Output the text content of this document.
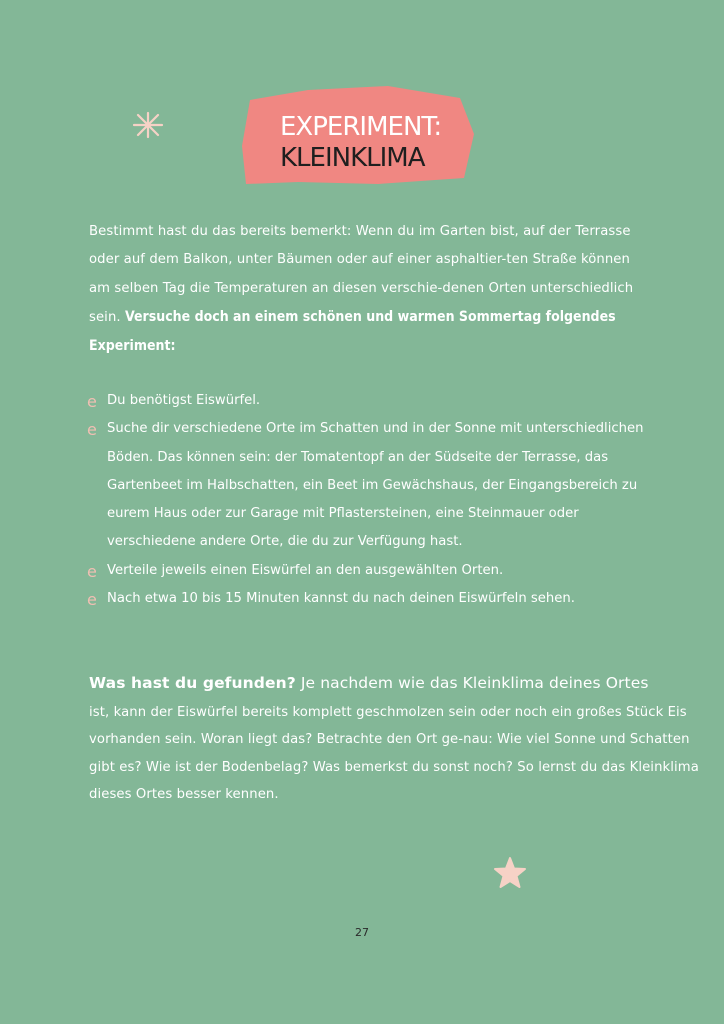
EXPERIMENT:
KLEINKLIMA

Bestimmt hast du das bereits bemerkt: Wenn du im Garten bist, auf der Terrasse oder auf dem Balkon, unter Bäumen oder auf einer asphaltier-ten Straße können am selben Tag die Temperaturen an diesen verschie-denen Orten unterschiedlich sein. Versuche doch an einem schönen und warmen Sommertag folgendes Experiment:

e Du benötigst Eiswürfel.
e Suche dir verschiedene Orte im Schatten und in der Sonne mit unterschiedlichen Böden. Das können sein: der Tomatentopf an der Südseite der Terrasse, das Gartenbeet im Halbschatten, ein Beet im Gewächshaus, der Eingangsbereich zu eurem Haus oder zur Garage mit Pflastersteinen, eine Steinmauer oder verschiedene andere Orte, die du zur Verfügung hast.
e Verteile jeweils einen Eiswürfel an den ausgewählten Orten.
e Nach etwa 10 bis 15 Minuten kannst du nach deinen Eiswürfeln sehen.

Was hast du gefunden? Je nachdem wie das Kleinklima deines Ortes
ist, kann der Eiswürfel bereits komplett geschmolzen sein oder noch ein großes Stück Eis vorhanden sein. Woran liegt das? Betrachte den Ort ge-nau: Wie viel Sonne und Schatten gibt es? Wie ist der Bodenbelag? Was bemerkst du sonst noch? So lernst du das Kleinklima dieses Ortes besser kennen.

27
